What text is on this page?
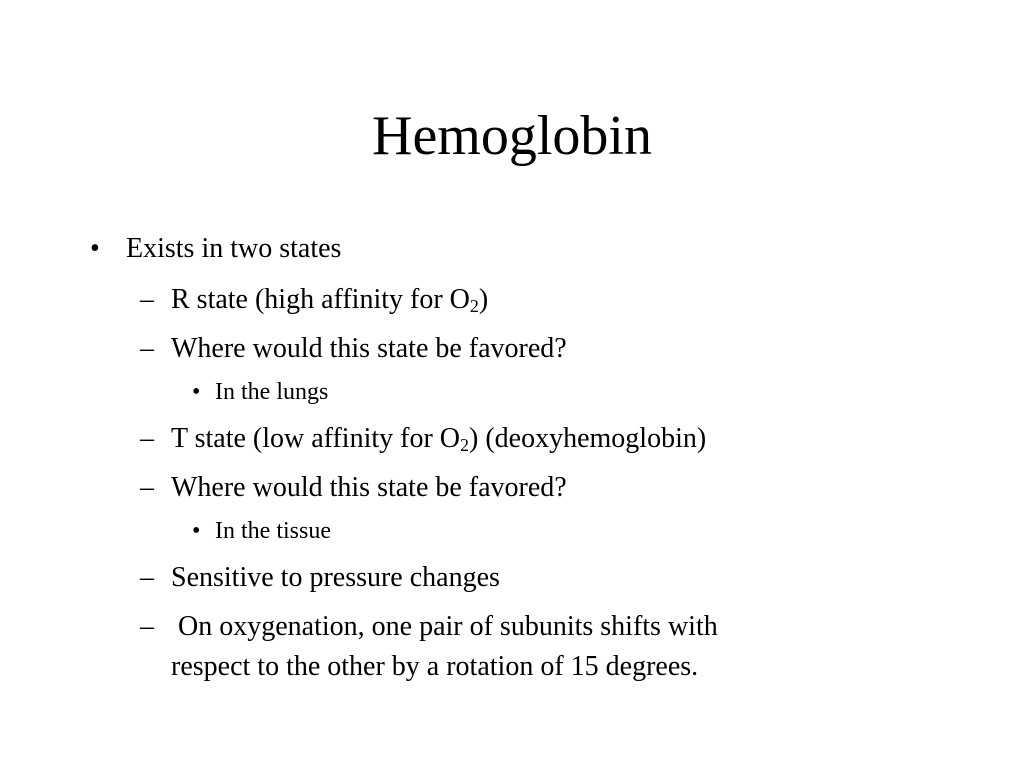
Hemoglobin
• Exists in two states
– R state (high affinity for $O_2$)
– Where would this state be favored?
• In the lungs
– T state (low affinity for $O_2$) (deoxyhemoglobin)
– Where would this state be favored?
• In the tissue
– Sensitive to pressure changes
– On oxygenation, one pair of subunits shifts with
respect to the other by a rotation of 15 degrees.
